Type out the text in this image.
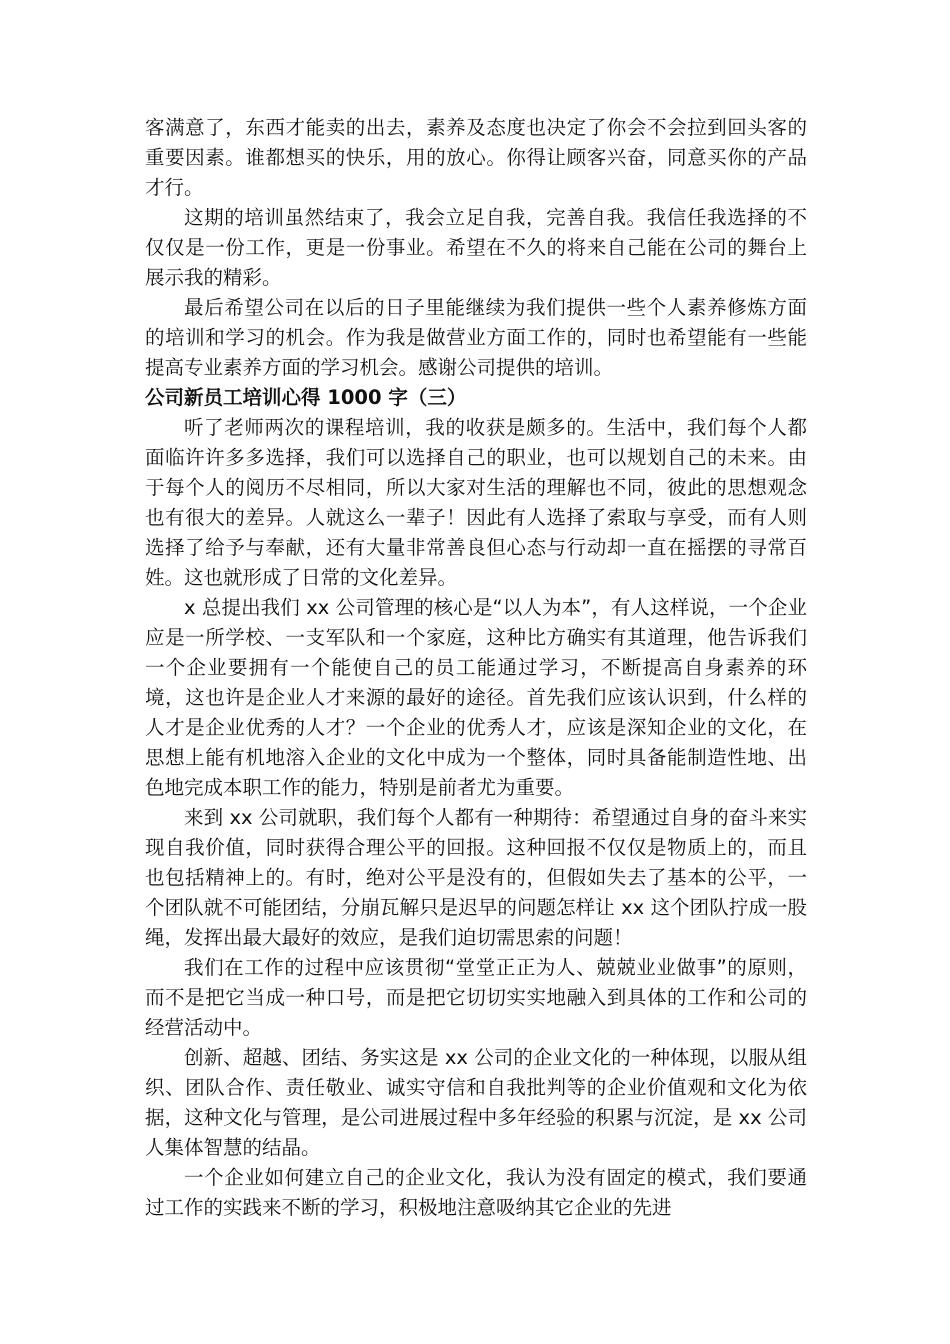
客满意了，东西才能卖的出去，素养及态度也决定了你会不会拉到回头客的重要因素。谁都想买的快乐，用的放心。你得让顾客兴奋，同意买你的产品才行。

这期的培训虽然结束了，我会立足自我，完善自我。我信任我选择的不仅仅是一份工作，更是一份事业。希望在不久的将来自己能在公司的舞台上展示我的精彩。

最后希望公司在以后的日子里能继续为我们提供一些个人素养修炼方面的培训和学习的机会。作为我是做营业方面工作的，同时也希望能有一些能提高专业素养方面的学习机会。感谢公司提供的培训。

公司新员工培训心得 1000 字（三）

听了老师两次的课程培训，我的收获是颇多的。生活中，我们每个人都面临许许多多选择，我们可以选择自己的职业，也可以规划自己的未来。由于每个人的阅历不尽相同，所以大家对生活的理解也不同，彼此的思想观念也有很大的差异。人就这么一辈子！因此有人选择了索取与享受，而有人则选择了给予与奉献，还有大量非常善良但心态与行动却一直在摇摆的寻常百姓。这也就形成了日常的文化差异。

x 总提出我们 xx 公司管理的核心是“以人为本”，有人这样说，一个企业应是一所学校、一支军队和一个家庭，这种比方确实有其道理，他告诉我们一个企业要拥有一个能使自己的员工能通过学习，不断提高自身素养的环境，这也许是企业人才来源的最好的途径。首先我们应该认识到，什么样的人才是企业优秀的人才？一个企业的优秀人才，应该是深知企业的文化，在思想上能有机地溶入企业的文化中成为一个整体，同时具备能制造性地、出色地完成本职工作的能力，特别是前者尤为重要。

来到 xx 公司就职，我们每个人都有一种期待：希望通过自身的奋斗来实现自我价值，同时获得合理公平的回报。这种回报不仅仅是物质上的，而且也包括精神上的。有时，绝对公平是没有的，但假如失去了基本的公平，一个团队就不可能团结，分崩瓦解只是迟早的问题怎样让 xx 这个团队拧成一股绳，发挥出最大最好的效应，是我们迫切需思索的问题！

我们在工作的过程中应该贯彻“堂堂正正为人、兢兢业业做事”的原则，而不是把它当成一种口号，而是把它切切实实地融入到具体的工作和公司的经营活动中。

创新、超越、团结、务实这是 xx 公司的企业文化的一种体现，以服从组织、团队合作、责任敬业、诚实守信和自我批判等的企业价值观和文化为依据，这种文化与管理，是公司进展过程中多年经验的积累与沉淀，是 xx 公司人集体智慧的结晶。

一个企业如何建立自己的企业文化，我认为没有固定的模式，我们要通过工作的实践来不断的学习，积极地注意吸纳其它企业的先进
